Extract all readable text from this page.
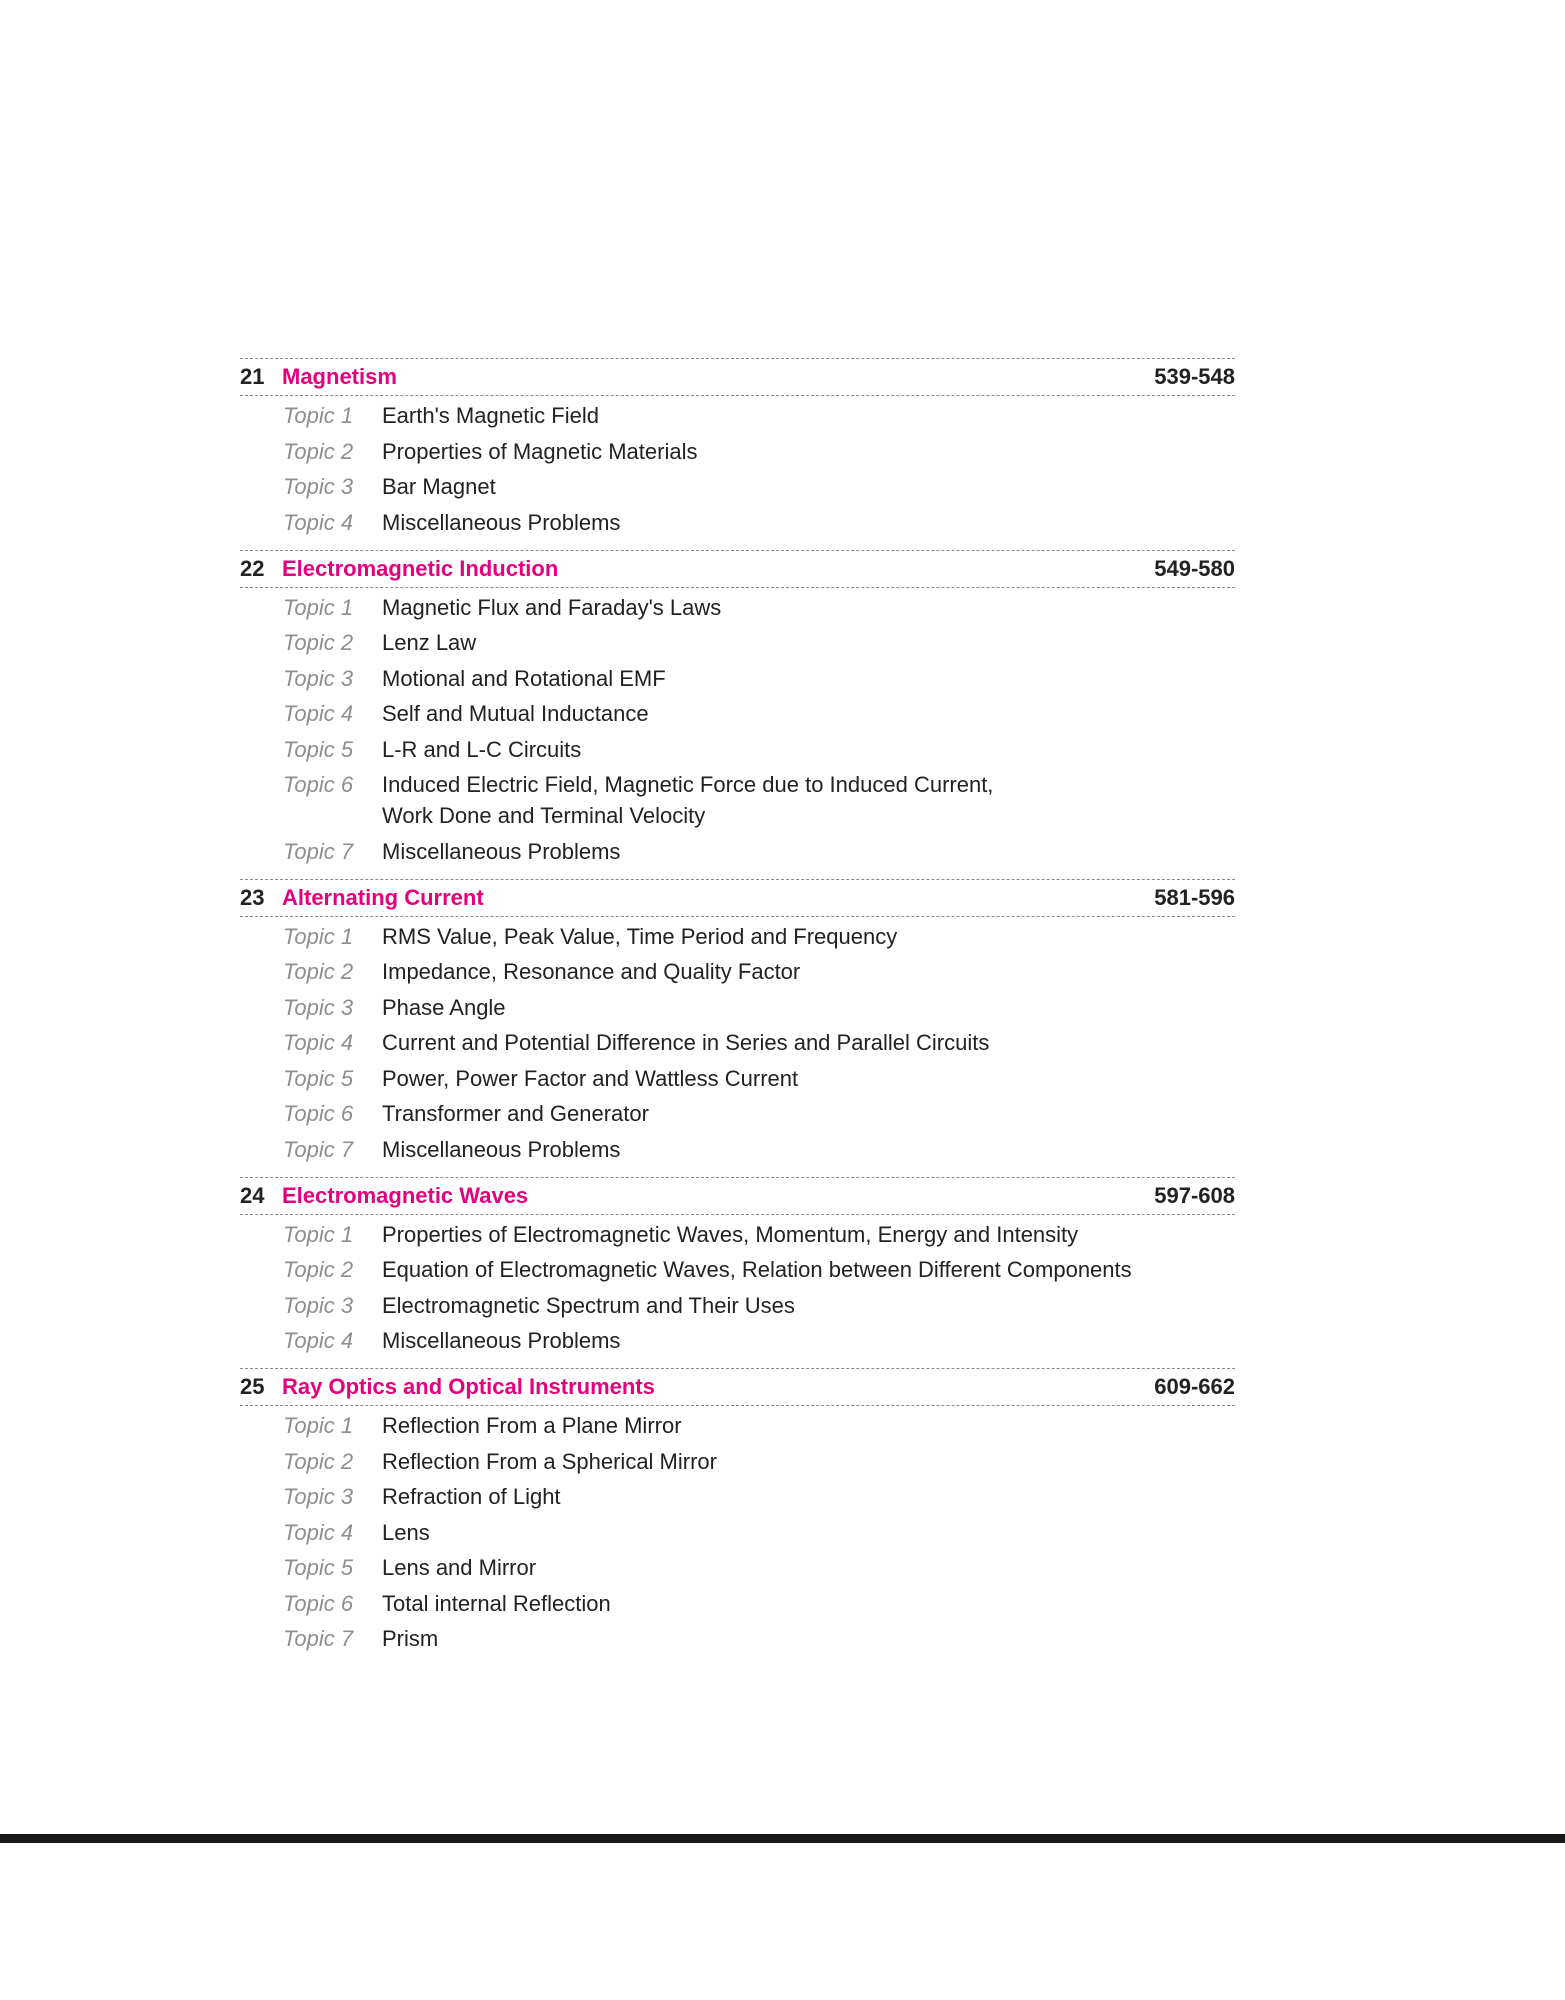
21 Magnetism	539-548
Topic 1	Earth's Magnetic Field
Topic 2	Properties of Magnetic Materials
Topic 3	Bar Magnet
Topic 4	Miscellaneous Problems
22 Electromagnetic Induction	549-580
Topic 1	Magnetic Flux and Faraday's Laws
Topic 2	Lenz Law
Topic 3	Motional and Rotational EMF
Topic 4	Self and Mutual Inductance
Topic 5	L-R and L-C Circuits
Topic 6	Induced Electric Field, Magnetic Force due to Induced Current,
Work Done and Terminal Velocity
Topic 7	Miscellaneous Problems
23 Alternating Current	581-596
Topic 1	RMS Value, Peak Value, Time Period and Frequency
Topic 2	Impedance, Resonance and Quality Factor
Topic 3	Phase Angle
Topic 4	Current and Potential Difference in Series and Parallel Circuits
Topic 5	Power, Power Factor and Wattless Current
Topic 6	Transformer and Generator
Topic 7	Miscellaneous Problems
24 Electromagnetic Waves	597-608
Topic 1	Properties of Electromagnetic Waves, Momentum, Energy and Intensity
Topic 2	Equation of Electromagnetic Waves, Relation between Different Components
Topic 3	Electromagnetic Spectrum and Their Uses
Topic 4	Miscellaneous Problems
25 Ray Optics and Optical Instruments	609-662
Topic 1	Reflection From a Plane Mirror
Topic 2	Reflection From a Spherical Mirror
Topic 3	Refraction of Light
Topic 4	Lens
Topic 5	Lens and Mirror
Topic 6	Total internal Reflection
Topic 7	Prism
